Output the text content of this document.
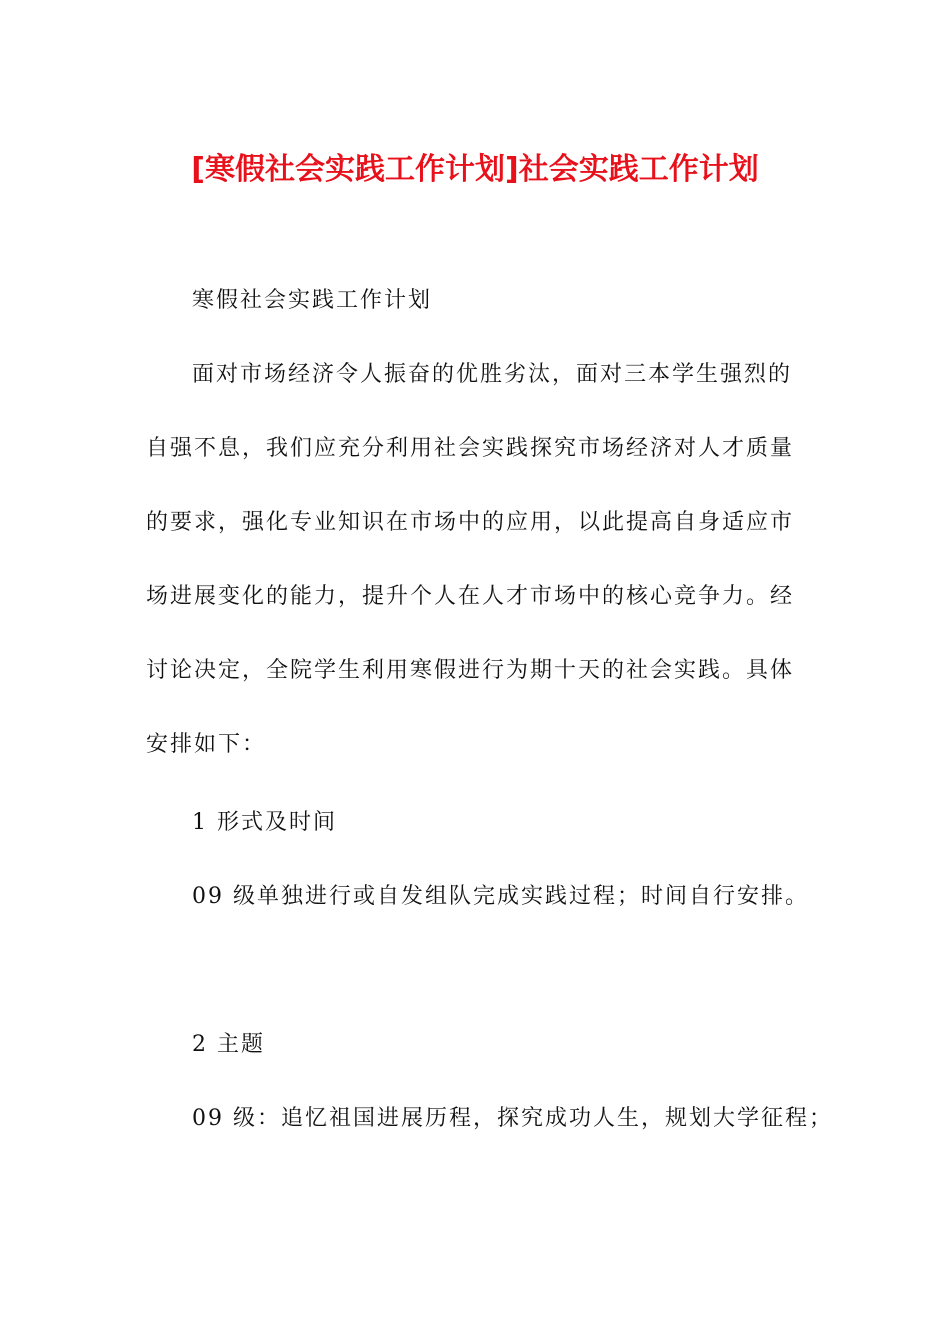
[寒假社会实践工作计划]社会实践工作计划

寒假社会实践工作计划

面对市场经济令人振奋的优胜劣汰，面对三本学生强烈的
自强不息，我们应充分利用社会实践探究市场经济对人才质量
的要求，强化专业知识在市场中的应用，以此提高自身适应市
场进展变化的能力，提升个人在人才市场中的核心竞争力。经
讨论决定，全院学生利用寒假进行为期十天的社会实践。具体
安排如下：

1 形式及时间

09 级单独进行或自发组队完成实践过程；时间自行安排。

2 主题

09 级：追忆祖国进展历程，探究成功人生，规划大学征程；
